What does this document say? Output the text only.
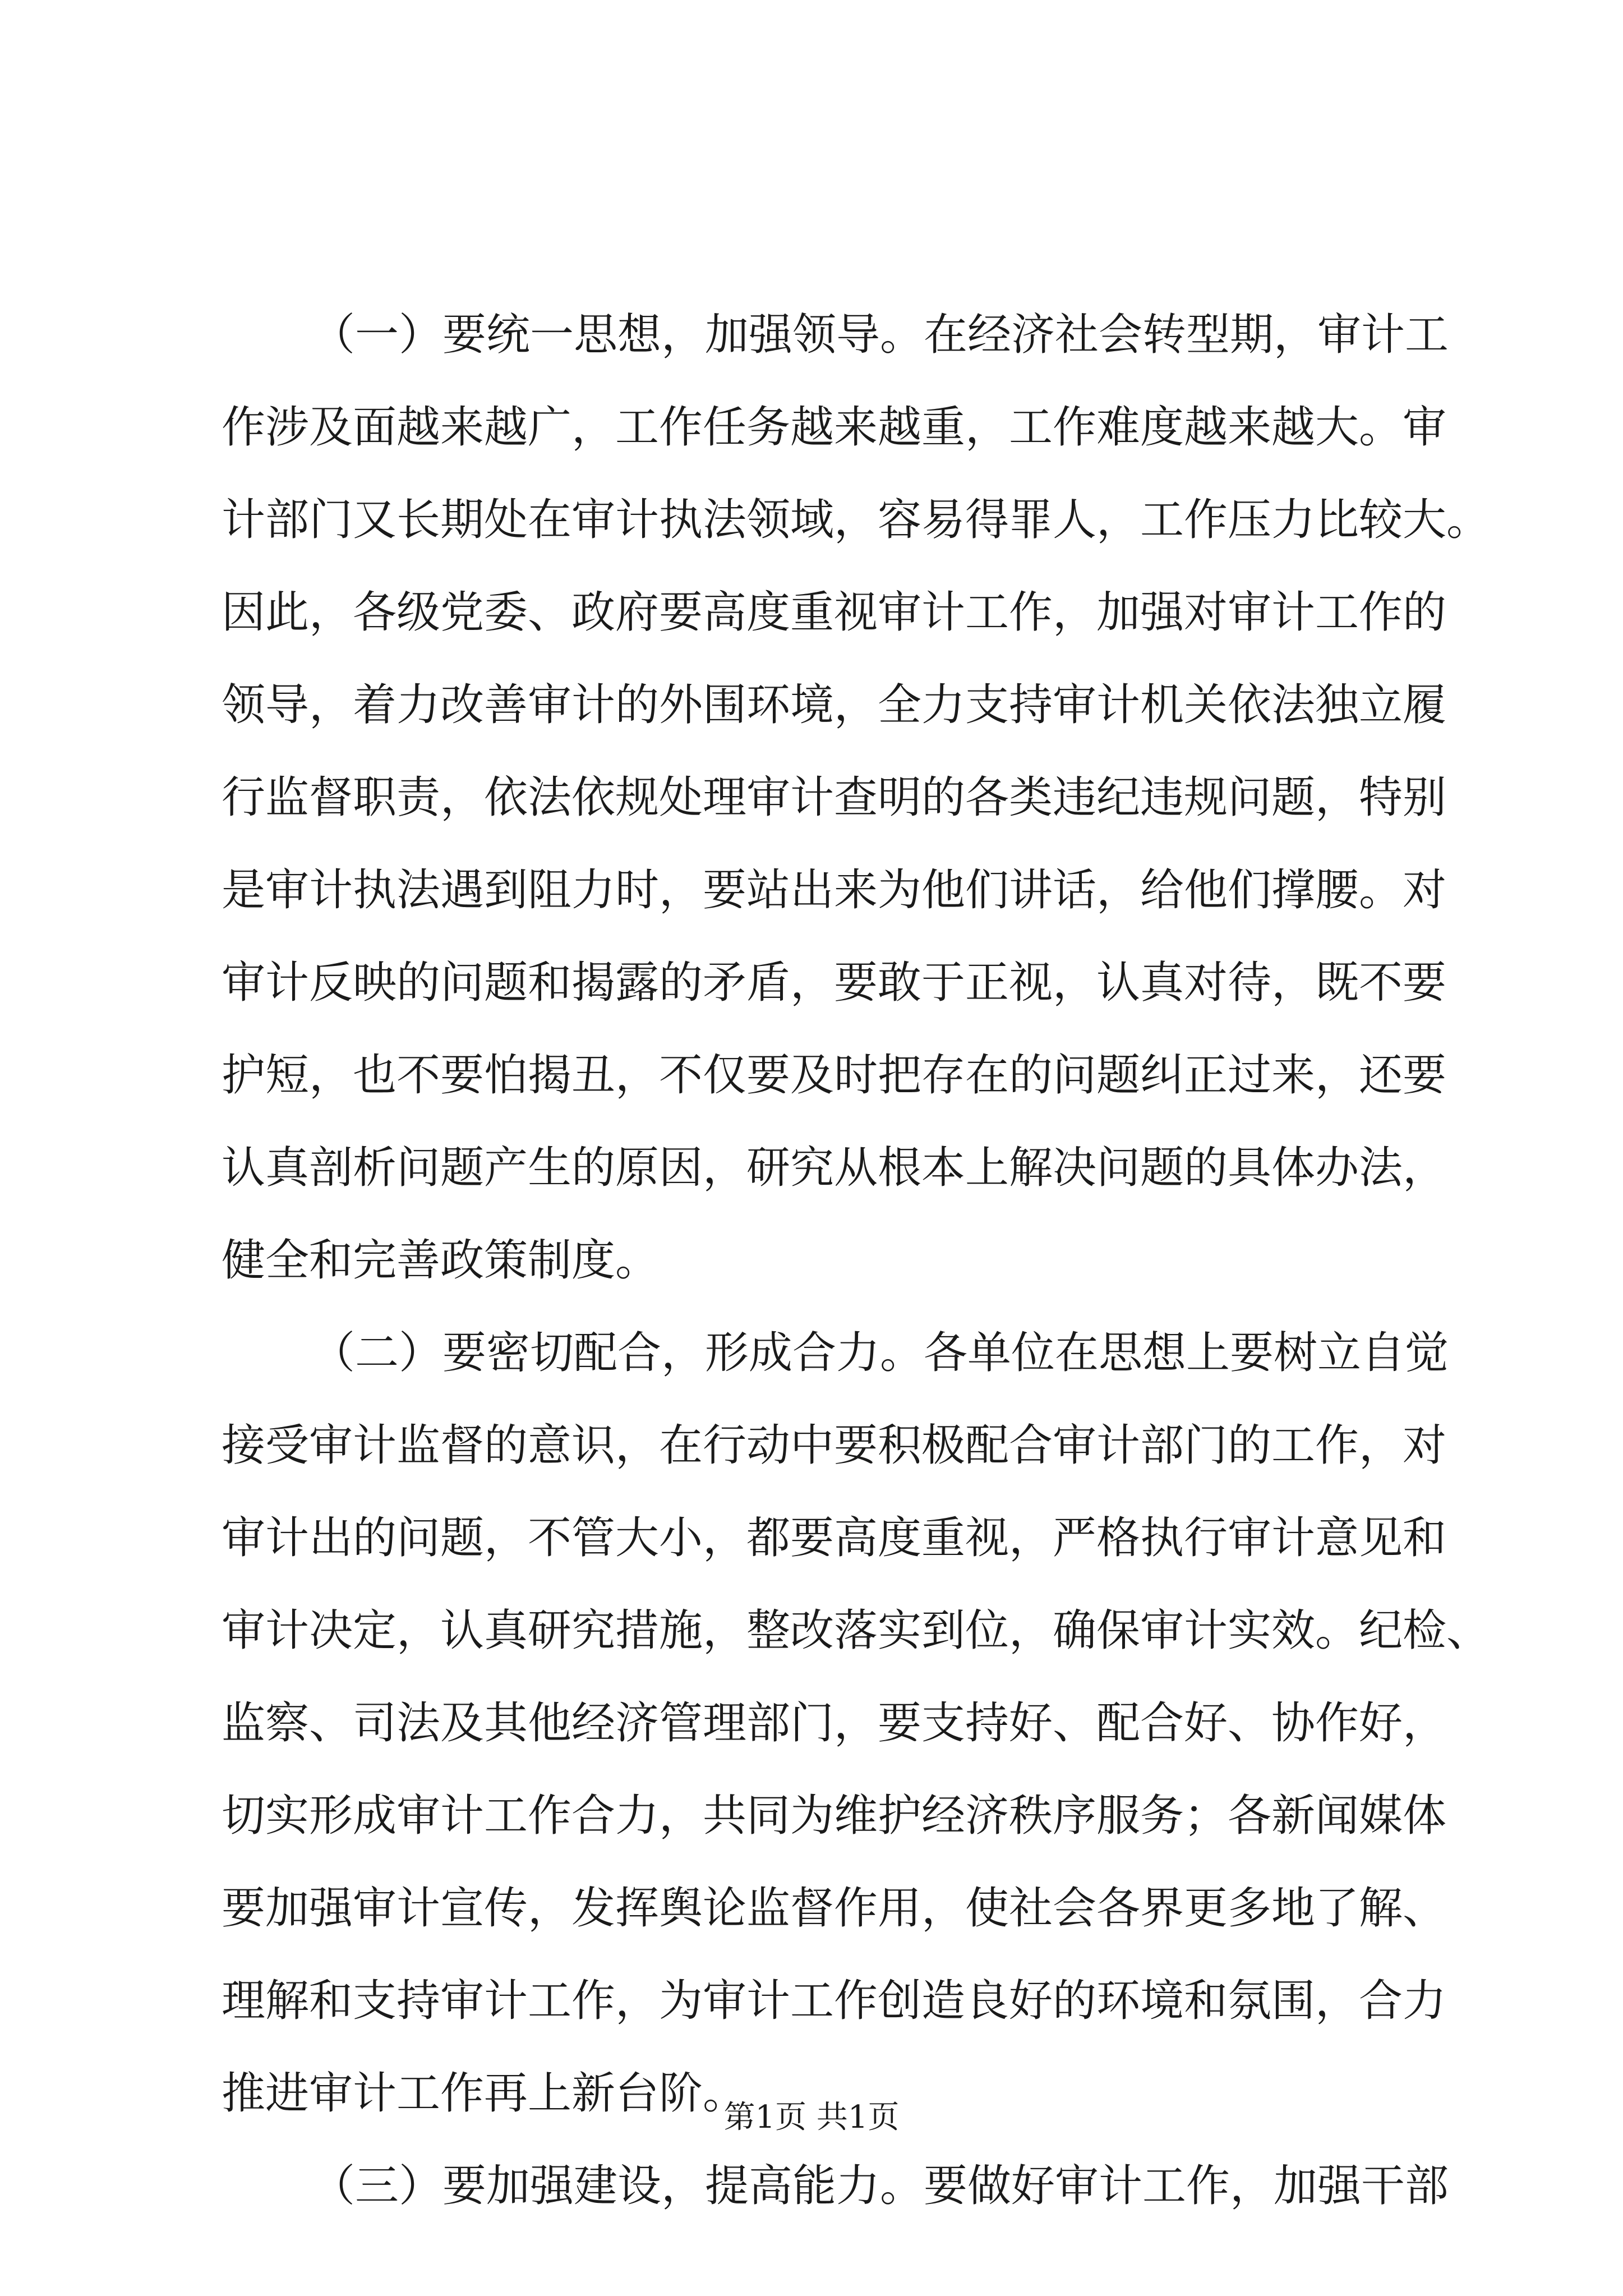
（一）要统一思想，加强领导。在经济社会转型期，审计工
作涉及面越来越广，工作任务越来越重，工作难度越来越大。审
计部门又长期处在审计执法领域，容易得罪人，工作压力比较大。
因此，各级党委、政府要高度重视审计工作，加强对审计工作的
领导，着力改善审计的外围环境，全力支持审计机关依法独立履
行监督职责，依法依规处理审计查明的各类违纪违规问题，特别
是审计执法遇到阻力时，要站出来为他们讲话，给他们撑腰。对
审计反映的问题和揭露的矛盾，要敢于正视，认真对待，既不要
护短，也不要怕揭丑，不仅要及时把存在的问题纠正过来，还要
认真剖析问题产生的原因，研究从根本上解决问题的具体办法，
健全和完善政策制度。
（二）要密切配合，形成合力。各单位在思想上要树立自觉
接受审计监督的意识，在行动中要积极配合审计部门的工作，对
审计出的问题，不管大小，都要高度重视，严格执行审计意见和
审计决定，认真研究措施，整改落实到位，确保审计实效。纪检、
监察、司法及其他经济管理部门，要支持好、配合好、协作好，
切实形成审计工作合力，共同为维护经济秩序服务；各新闻媒体
要加强审计宣传，发挥舆论监督作用，使社会各界更多地了解、
理解和支持审计工作，为审计工作创造良好的环境和氛围，合力
推进审计工作再上新台阶。
（三）要加强建设，提高能力。要做好审计工作，加强干部
第1页 共1页
